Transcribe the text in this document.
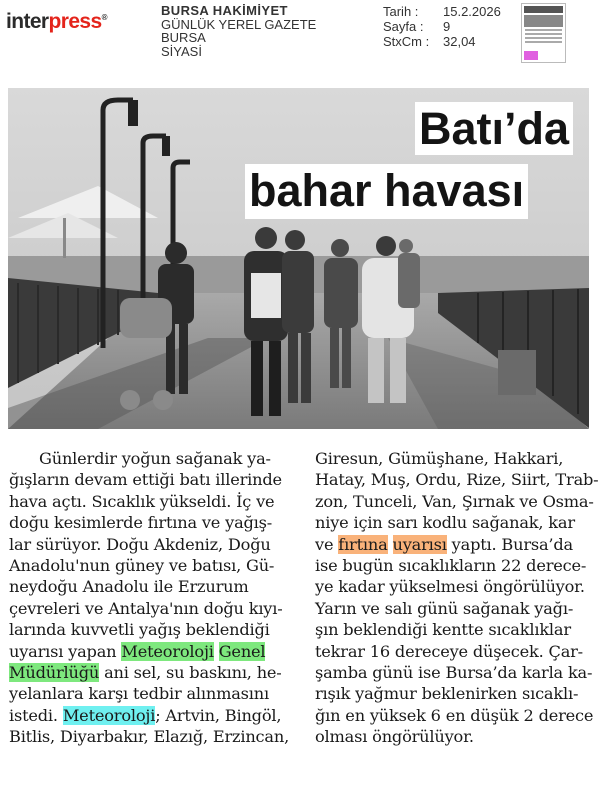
interpress®	BURSA HAKİMİYET
GÜNLÜK YEREL GAZETE
BURSA
SİYASİ
Tarih :	15.2.2026
Sayfa :	9
StxCm :	32,04
Batı’da
bahar havası
Günlerdir yoğun sağanak ya-
ğışların devam ettiği batı illerinde
hava açtı. Sıcaklık yükseldi. İç ve
doğu kesimlerde fırtına ve yağış-
lar sürüyor. Doğu Akdeniz, Doğu
Anadolu'nun güney ve batısı, Gü-
neydoğu Anadolu ile Erzurum
çevreleri ve Antalya'nın doğu kıyı-
larında kuvvetli yağış beklendiği
uyarısı yapan Meteoroloji Genel
Müdürlüğü ani sel, su baskını, he-
yelanlara karşı tedbir alınmasını
istedi. Meteoroloji; Artvin, Bingöl,
Bitlis, Diyarbakır, Elazığ, Erzincan,
Giresun, Gümüşhane, Hakkari,
Hatay, Muş, Ordu, Rize, Siirt, Trab-
zon, Tunceli, Van, Şırnak ve Osma-
niye için sarı kodlu sağanak, kar
ve fırtına uyarısı yaptı. Bursa’da
ise bugün sıcaklıkların 22 derece-
ye kadar yükselmesi öngörülüyor.
Yarın ve salı günü sağanak yağı-
şın beklendiği kentte sıcaklıklar
tekrar 16 dereceye düşecek. Çar-
şamba günü ise Bursa’da karla ka-
rışık yağmur beklenirken sıcaklı-
ğın en yüksek 6 en düşük 2 derece
olması öngörülüyor.
